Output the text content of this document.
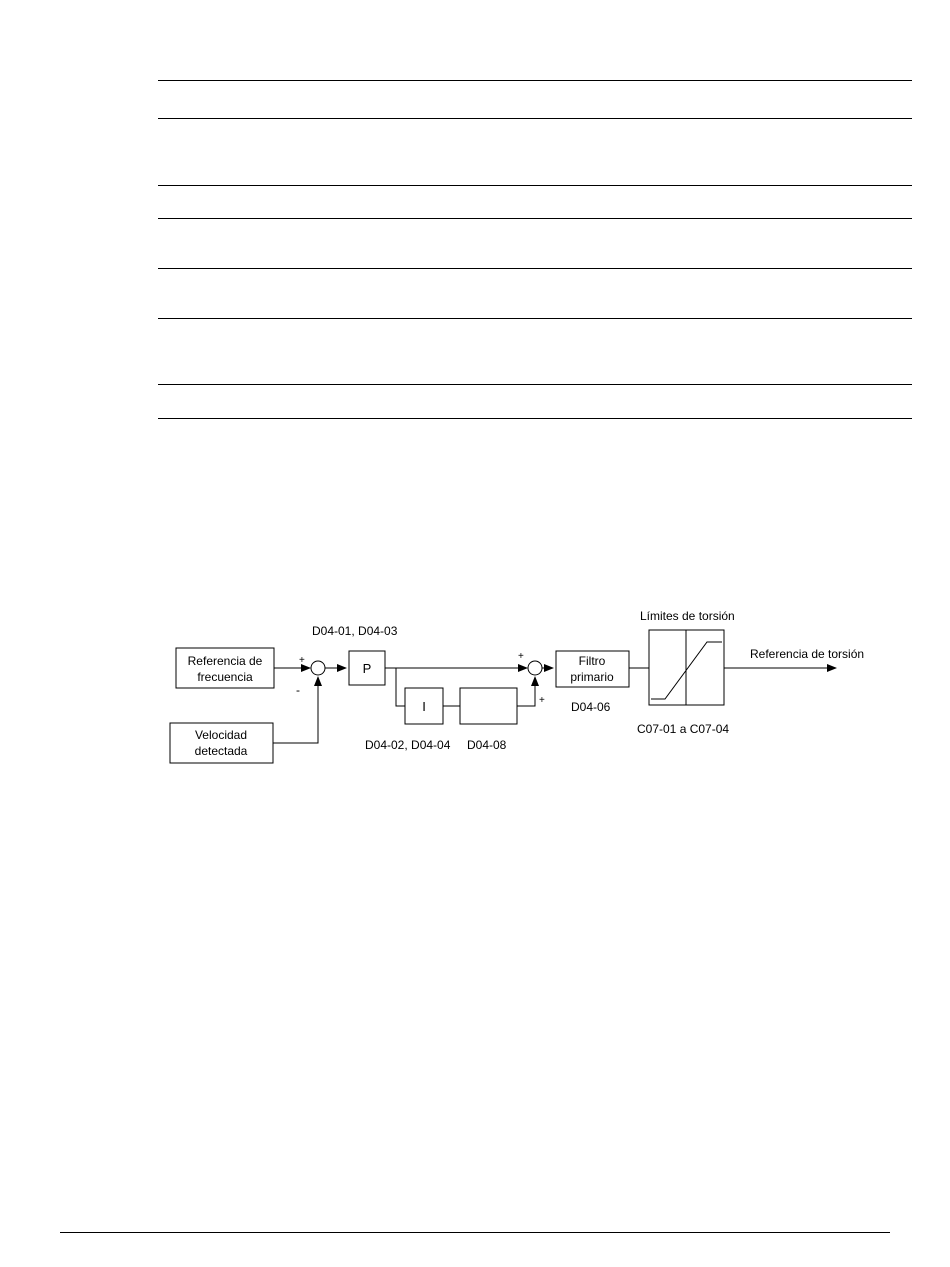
Referencia de
frecuencia
Velocidad
detectada
+
-
P
D04-01, D04-03
I
D04-02, D04-04 D04-08
+
+
Filtro
primario
D04-06
Límites de torsión
C07-01 a C07-04
Referencia de torsión
